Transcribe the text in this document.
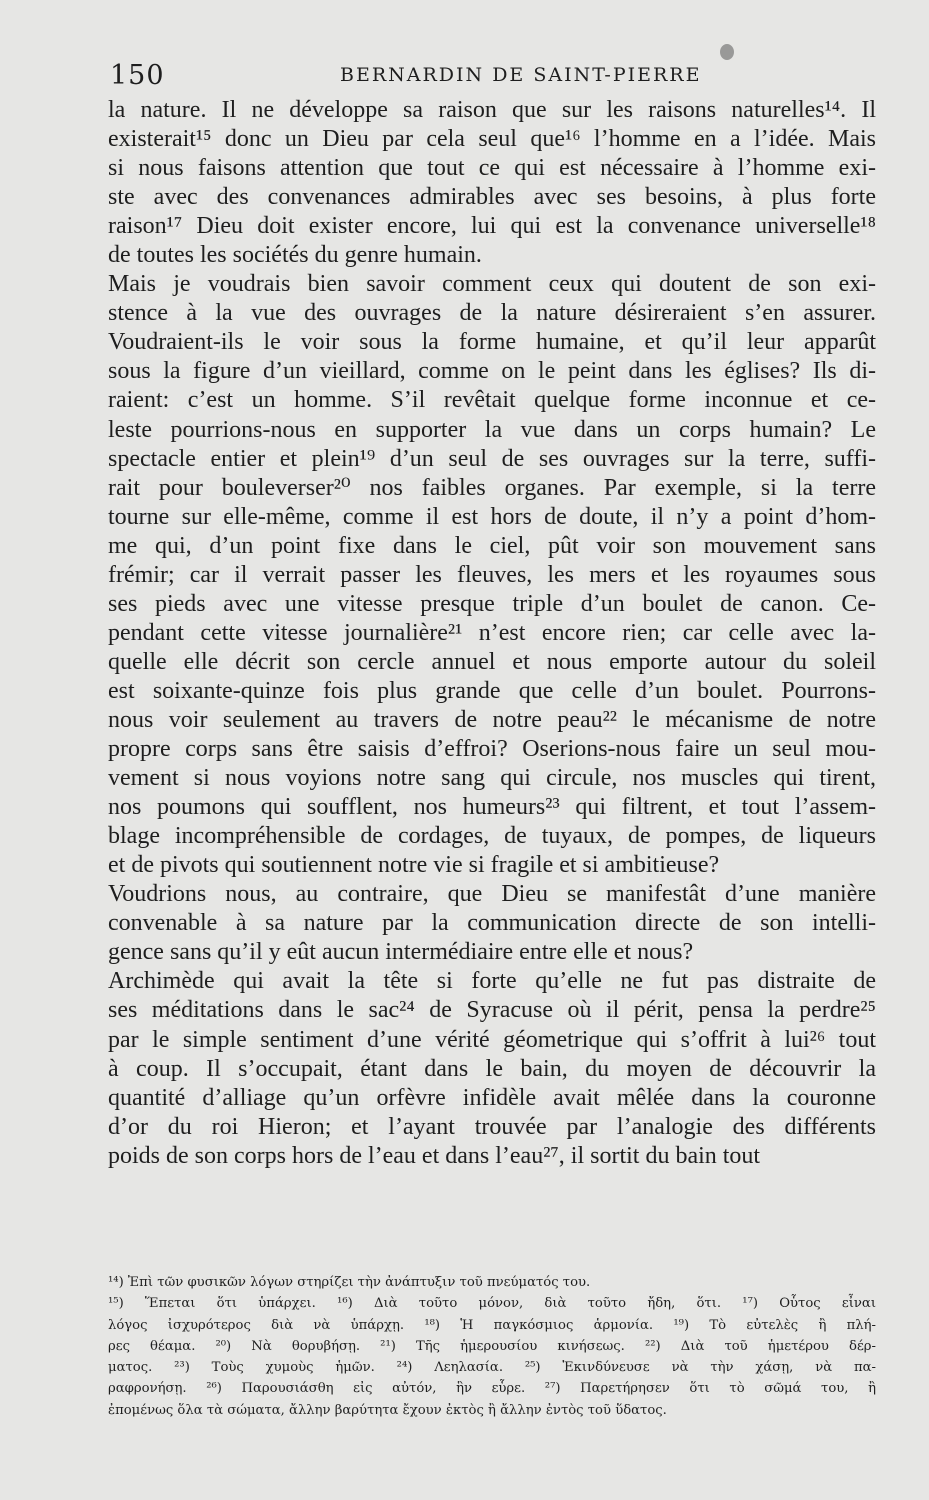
150	BERNARDIN DE SAINT-PIERRE
la nature. Il ne développe sa raison que sur les raisons naturelles¹⁴. Il
existerait¹⁵ donc un Dieu par cela seul que¹⁶ l’homme en a l’idée. Mais
si nous faisons attention que tout ce qui est nécessaire à l’homme exi-
ste avec des convenances admirables avec ses besoins, à plus forte
raison¹⁷ Dieu doit exister encore, lui qui est la convenance universelle¹⁸
de toutes les sociétés du genre humain.
Mais je voudrais bien savoir comment ceux qui doutent de son exi-
stence à la vue des ouvrages de la nature désireraient s’en assurer.
Voudraient-ils le voir sous la forme humaine, et qu’il leur apparût
sous la figure d’un vieillard, comme on le peint dans les églises? Ils di-
raient: c’est un homme. S’il revêtait quelque forme inconnue et ce-
leste pourrions-nous en supporter la vue dans un corps humain? Le
spectacle entier et plein¹⁹ d’un seul de ses ouvrages sur la terre, suffi-
rait pour bouleverser²⁰ nos faibles organes. Par exemple, si la terre
tourne sur elle-même, comme il est hors de doute, il n’y a point d’hom-
me qui, d’un point fixe dans le ciel, pût voir son mouvement sans
frémir; car il verrait passer les fleuves, les mers et les royaumes sous
ses pieds avec une vitesse presque triple d’un boulet de canon. Ce-
pendant cette vitesse journalière²¹ n’est encore rien; car celle avec la-
quelle elle décrit son cercle annuel et nous emporte autour du soleil
est soixante-quinze fois plus grande que celle d’un boulet. Pourrons-
nous voir seulement au travers de notre peau²² le mécanisme de notre
propre corps sans être saisis d’effroi? Oserions-nous faire un seul mou-
vement si nous voyions notre sang qui circule, nos muscles qui tirent,
nos poumons qui soufflent, nos humeurs²³ qui filtrent, et tout l’assem-
blage incompréhensible de cordages, de tuyaux, de pompes, de liqueurs
et de pivots qui soutiennent notre vie si fragile et si ambitieuse?
Voudrions nous, au contraire, que Dieu se manifestât d’une manière
convenable à sa nature par la communication directe de son intelli-
gence sans qu’il y eût aucun intermédiaire entre elle et nous?
Archimède qui avait la tête si forte qu’elle ne fut pas distraite de
ses méditations dans le sac²⁴ de Syracuse où il périt, pensa la perdre²⁵
par le simple sentiment d’une vérité géometrique qui s’offrit à lui²⁶ tout
à coup. Il s’occupait, étant dans le bain, du moyen de découvrir la
quantité d’alliage qu’un orfèvre infidèle avait mêlée dans la couronne
d’or du roi Hieron; et l’ayant trouvée par l’analogie des différents
poids de son corps hors de l’eau et dans l’eau²⁷, il sortit du bain tout
¹⁴) Ἐπὶ τῶν φυσικῶν λόγων στηρίζει τὴν ἀνάπτυξιν τοῦ πνεύματός του.
¹⁵) Ἕπεται ὅτι ὑπάρχει. ¹⁶) Διὰ τοῦτο μόνον, διὰ τοῦτο ἤδη, ὅτι. ¹⁷) Οὗτος εἶναι
λόγος ἰσχυρότερος διὰ νὰ ὑπάρχῃ. ¹⁸) Ἡ παγκόσμιος ἁρμονία. ¹⁹) Τὸ εὐτελὲς ἢ πλή-
ρες θέαμα. ²⁰) Νὰ θορυβήσῃ. ²¹) Τῆς ἡμερουσίου κινήσεως. ²²) Διὰ τοῦ ἡμετέρου δέρ-
ματος. ²³) Τοὺς χυμοὺς ἡμῶν. ²⁴) Λεηλασία. ²⁵) Ἐκινδύνευσε νὰ τὴν χάσῃ, νὰ πα-
ραφρονήσῃ. ²⁶) Παρουσιάσθη εἰς αὐτόν, ἣν εὗρε. ²⁷) Παρετήρησεν ὅτι τὸ σῶμά του, ἢ
ἐπομένως ὅλα τὰ σώματα, ἄλλην βαρύτητα ἔχουν ἐκτὸς ἢ ἄλλην ἐντὸς τοῦ ὕδατος.
